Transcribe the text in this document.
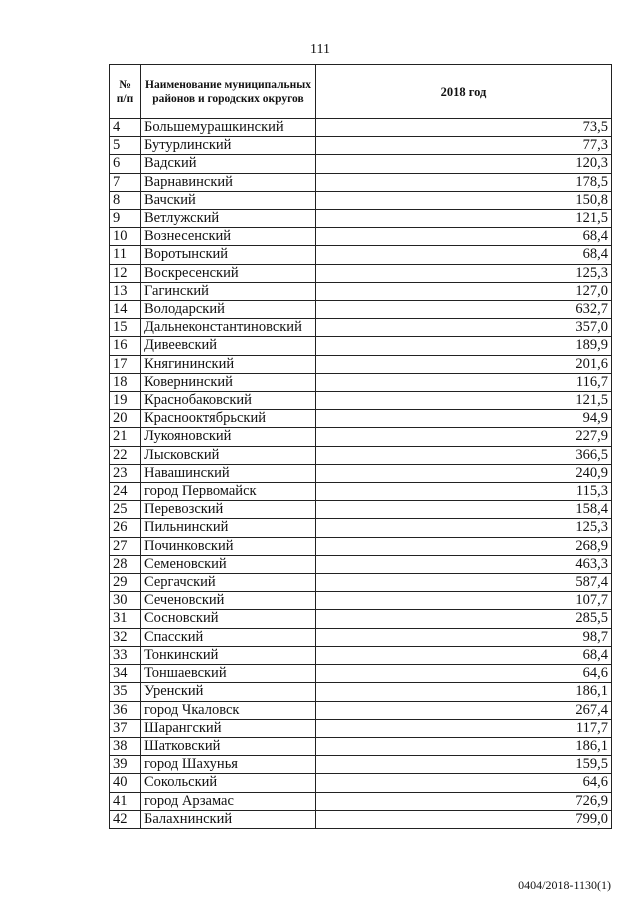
111
№ п/п	Наименование муниципальных районов и городских округов	2018 год
4	Большемурашкинский	73,5
5	Бутурлинский	77,3
6	Вадский	120,3
7	Варнавинский	178,5
8	Вачский	150,8
9	Ветлужский	121,5
10	Вознесенский	68,4
11	Воротынский	68,4
12	Воскресенский	125,3
13	Гагинский	127,0
14	Володарский	632,7
15	Дальнеконстантиновский	357,0
16	Дивеевский	189,9
17	Княгининский	201,6
18	Ковернинский	116,7
19	Краснобаковский	121,5
20	Краснооктябрьский	94,9
21	Лукояновский	227,9
22	Лысковский	366,5
23	Навашинский	240,9
24	город Первомайск	115,3
25	Перевозский	158,4
26	Пильнинский	125,3
27	Починковский	268,9
28	Семеновский	463,3
29	Сергачский	587,4
30	Сеченовский	107,7
31	Сосновский	285,5
32	Спасский	98,7
33	Тонкинский	68,4
34	Тоншаевский	64,6
35	Уренский	186,1
36	город Чкаловск	267,4
37	Шарангский	117,7
38	Шатковский	186,1
39	город Шахунья	159,5
40	Сокольский	64,6
41	город Арзамас	726,9
42	Балахнинский	799,0
0404/2018-1130(1)
